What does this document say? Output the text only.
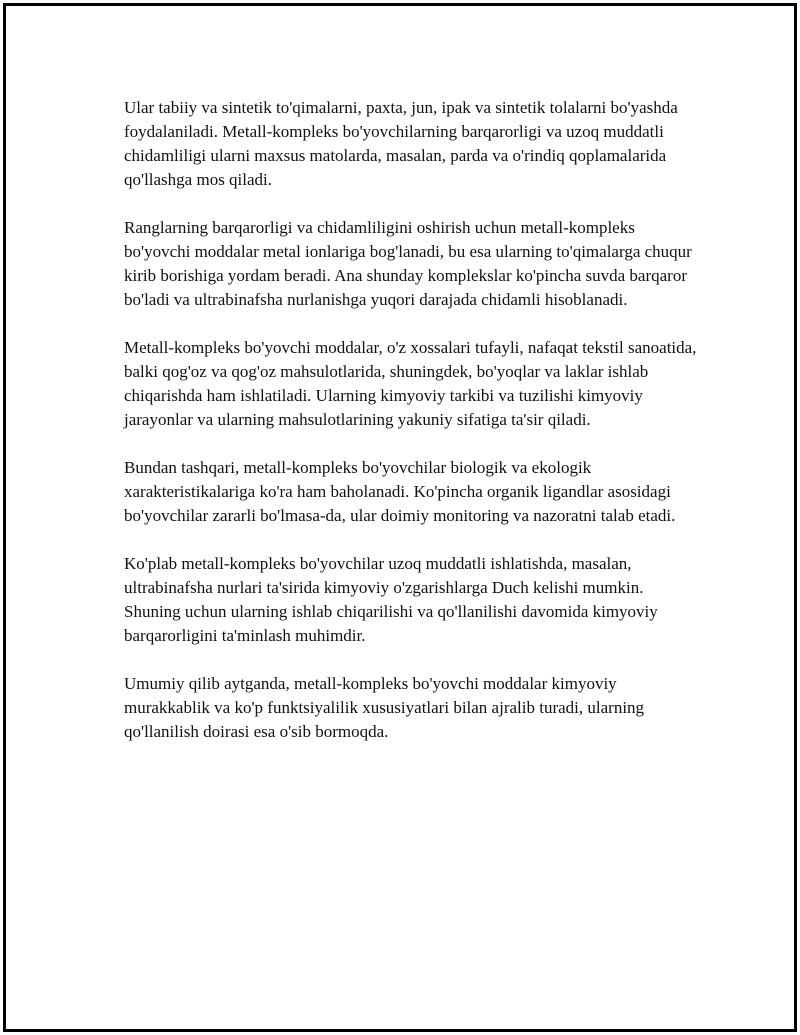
Ular tabiiy va sintetik to'qimalarni, paxta, jun, ipak va sintetik tolalarni bo'yashda foydalaniladi. Metall-kompleks bo'yovchilarning barqarorligi va uzoq muddatli chidamliligi ularni maxsus matolarda, masalan, parda va o'rindiq qoplamalarida qo'llashga mos qiladi.

Ranglarning barqarorligi va chidamliligini oshirish uchun metall-kompleks bo'yovchi moddalar metal ionlariga bog'lanadi, bu esa ularning to'qimalarga chuqur kirib borishiga yordam beradi. Ana shunday komplekslar ko'pincha suvda barqaror bo'ladi va ultrabinafsha nurlanishga yuqori darajada chidamli hisoblanadi.

Metall-kompleks bo'yovchi moddalar, o'z xossalari tufayli, nafaqat tekstil sanoatida, balki qog'oz va qog'oz mahsulotlarida, shuningdek, bo'yoqlar va laklar ishlab chiqarishda ham ishlatiladi. Ularning kimyoviy tarkibi va tuzilishi kimyoviy jarayonlar va ularning mahsulotlarining yakuniy sifatiga ta'sir qiladi.

Bundan tashqari, metall-kompleks bo'yovchilar biologik va ekologik xarakteristikalariga ko'ra ham baholanadi. Ko'pincha organik ligandlar asosidagi bo'yovchilar zararli bo'lmasa-da, ular doimiy monitoring va nazoratni talab etadi.

Ko'plab metall-kompleks bo'yovchilar uzoq muddatli ishlatishda, masalan, ultrabinafsha nurlari ta'sirida kimyoviy o'zgarishlarga Duch kelishi mumkin. Shuning uchun ularning ishlab chiqarilishi va qo'llanilishi davomida kimyoviy barqarorligini ta'minlash muhimdir.

Umumiy qilib aytganda, metall-kompleks bo'yovchi moddalar kimyoviy murakkablik va ko'p funktsiyalilik xususiyatlari bilan ajralib turadi, ularning qo'llanilish doirasi esa o'sib bormoqda.
